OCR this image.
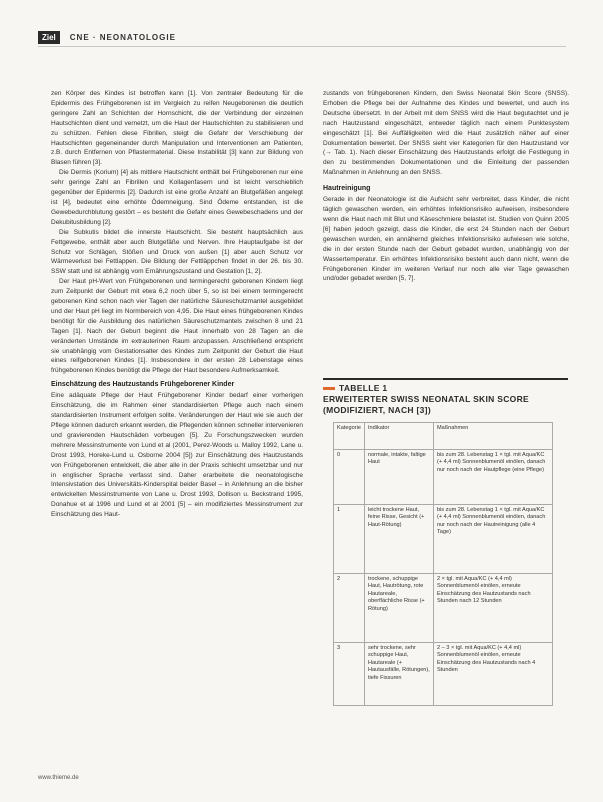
Ziel	CNE · NEONATOLOGIE

zen Körper des Kindes ist betroffen kann [1]. Von zentraler Bedeutung für die Epidermis des Frühgeborenen ist im Vergleich zu reifen Neugeborenen die deutlich geringere Zahl an Schichten der Hornschicht, die der Verbindung der einzelnen Hautschichten dient und vernetzt, um die Haut der Hautschichten zu stabilisieren und zu schützen. Fehlen diese Fibrillen, steigt die Gefahr der Verschiebung der Hautschichten gegeneinander durch Manipulation und Interventionen am Patienten, z.B. durch Entfernen von Pflastermaterial. Diese Instabilität [3] kann zur Bildung von Blasen führen [3].

Die Dermis (Korium) [4] als mittlere Hautschicht enthält bei Frühgeborenen nur eine sehr geringe Zahl an Fibrillen und Kollagenfasern und ist leicht verschieblich gegenüber der Epidermis [2]. Dadurch ist eine große Anzahl an Blutgefäßen angelegt ist [4], bedeutet eine erhöhte Ödemneigung. Sind Ödeme entstanden, ist die Gewebedurchblutung gestört – es besteht die Gefahr eines Gewebeschadens und der Dekubitusbildung [2].

Die Subkutis bildet die innerste Hautschicht. Sie besteht hauptsächlich aus Fettgewebe, enthält aber auch Blutgefäße und Nerven. Ihre Hauptaufgabe ist der Schutz vor Schlägen, Stößen und Druck von außen [1] aber auch Schutz vor Wärmeverlust bei Fettlappen. Die Bildung der Fettläppchen findet in der 26. bis 30. SSW statt und ist abhängig vom Ernährungszustand und Gestation [1, 2].

Der Haut pH-Wert von Frühgeborenen und termingerecht geborenen Kindern liegt zum Zeitpunkt der Geburt mit etwa 6,2 noch über 5, so ist bei einem termingerecht geborenen Kind schon nach vier Tagen der natürliche Säureschutzmantel ausgebildet und der Haut pH liegt im Normbereich von 4,95. Die Haut eines frühgeborenen Kindes benötigt für die Ausbildung des natürlichen Säureschutzmantels zwischen 8 und 21 Tagen [1]. Nach der Geburt beginnt die Haut innerhalb von 28 Tagen an die veränderten Umstände im extrauterinen Raum anzupassen. Anschließend entspricht sie unabhängig vom Gestationsalter des Kindes zum Zeitpunkt der Geburt die Haut eines reifgeborenen Kindes [1]. Insbesondere in der ersten 28 Lebenstage eines frühgeborenen Kindes benötigt die Pflege der Haut besondere Aufmerksamkeit.

Einschätzung des Hautzustands Frühgeborener Kinder

Eine adäquate Pflege der Haut Frühgeborener Kinder bedarf einer vorherigen Einschätzung, die im Rahmen einer standardisierten Pflege auch nach einem standardisierten Instrument erfolgen sollte. Veränderungen der Haut wie sie auch der Pflege können dadurch erkannt werden, die Pflegenden können schneller intervenieren und gravierenden Hautschäden vorbeugen [5]. Zu Forschungszwecken wurden mehrere Messinstrumente von Lund et al (2001, Perez-Woods u. Malloy 1992, Lane u. Drost 1993, Horeke-Lund u. Osborne 2004 [5]) zur Einschätzung des Hautzustands von Frühgeborenen entwickelt, die aber alle in der Praxis schlecht umsetzbar und nur in englischer Sprache verfasst sind. Daher erarbeitete die neonatologische Intensivstation des Universitäts-Kinderspital beider Basel – in Anlehnung an die bisher entwickelten Messinstrumente von Lane u. Drost 1993, Dollison u. Beckstrand 1995, Donahue et al 1996 und Lund et al 2001 [5] – ein modifiziertes Messinstrument zur Einschätzung des Haut-

zustands von frühgeborenen Kindern, den Swiss Neonatal Skin Score (SNSS). Erhoben die Pflege bei der Aufnahme des Kindes und bewertet, und auch ins Deutsche übersetzt. In der Arbeit mit dem SNSS wird die Haut begutachtet und je nach Hautzustand eingeschätzt, entweder täglich nach einem Punktesystem eingeschätzt [1]. Bei Auffälligkeiten wird die Haut zusätzlich näher auf einer Dokumentation bewertet. Der SNSS sieht vier Kategorien für den Hautzustand vor (→ Tab. 1). Nach dieser Einschätzung des Hautzustands erfolgt die Festlegung in den zu bestimmenden Dokumentationen und die Einleitung der passenden Maßnahmen in Anlehnung an den SNSS.

Hautreinigung

Gerade in der Neonatologie ist die Aufsicht sehr verbreitet, dass Kinder, die nicht täglich gewaschen werden, ein erhöhtes Infektionsrisiko aufweisen, insbesondere wenn die Haut nach mit Blut und Käseschmiere belastet ist. Studien von Quinn 2005 [6] haben jedoch gezeigt, dass die Kinder, die erst 24 Stunden nach der Geburt gewaschen wurden, ein annähernd gleiches Infektionsrisiko aufwiesen wie solche, die in der ersten Stunde nach der Geburt gebadet wurden, unabhängig von der Wassertemperatur. Ein erhöhtes Infektionsrisiko besteht auch dann nicht, wenn die Frühgeborenen Kinder im weiteren Verlauf nur noch alle vier Tage gewaschen und/oder gebadet werden [5, 7].

TABELLE 1
ERWEITERTER SWISS NEONATAL SKIN SCORE (MODIFIZIERT, NACH [3])
Kategorie	Indikator	Maßnahmen
0	normale, intakte, faltige Haut	bis zum 28. Lebenstag 1 × tgl. mit Aqua/KC (+ 4,4 ml) Sonnenblumenöl einölen, danach nur noch nach der Hautpflege (eine Pflege)
1	leicht trockene Haut, feine Risse, Gesicht (+ Haut-Rötung)	bis zum 28. Lebenstag 1 × tgl. mit Aqua/KC (+ 4,4 ml) Sonnenblumenöl einölen, danach nur noch nach der Hautreinigung (alle 4 Tage)
2	trockene, schuppige Haut, Hautrötung, rote Hautareale, oberflächliche Risse (+ Rötung)	2 × tgl. mit Aqua/KC (+ 4,4 ml) Sonnenblumenöl einölen, erneute Einschätzung des Hautzustands nach Stunden nach 12 Stunden
3	sehr trockene, sehr schuppige Haut, Hautareale (+ Hautausfälle, Rötungen), tiefe Fissuren	2 – 3 × tgl. mit Aqua/KC (+ 4,4 ml) Sonnenblumenöl einölen, erneute Einschätzung des Hautzustands nach 4 Stunden
www.thieme.de
